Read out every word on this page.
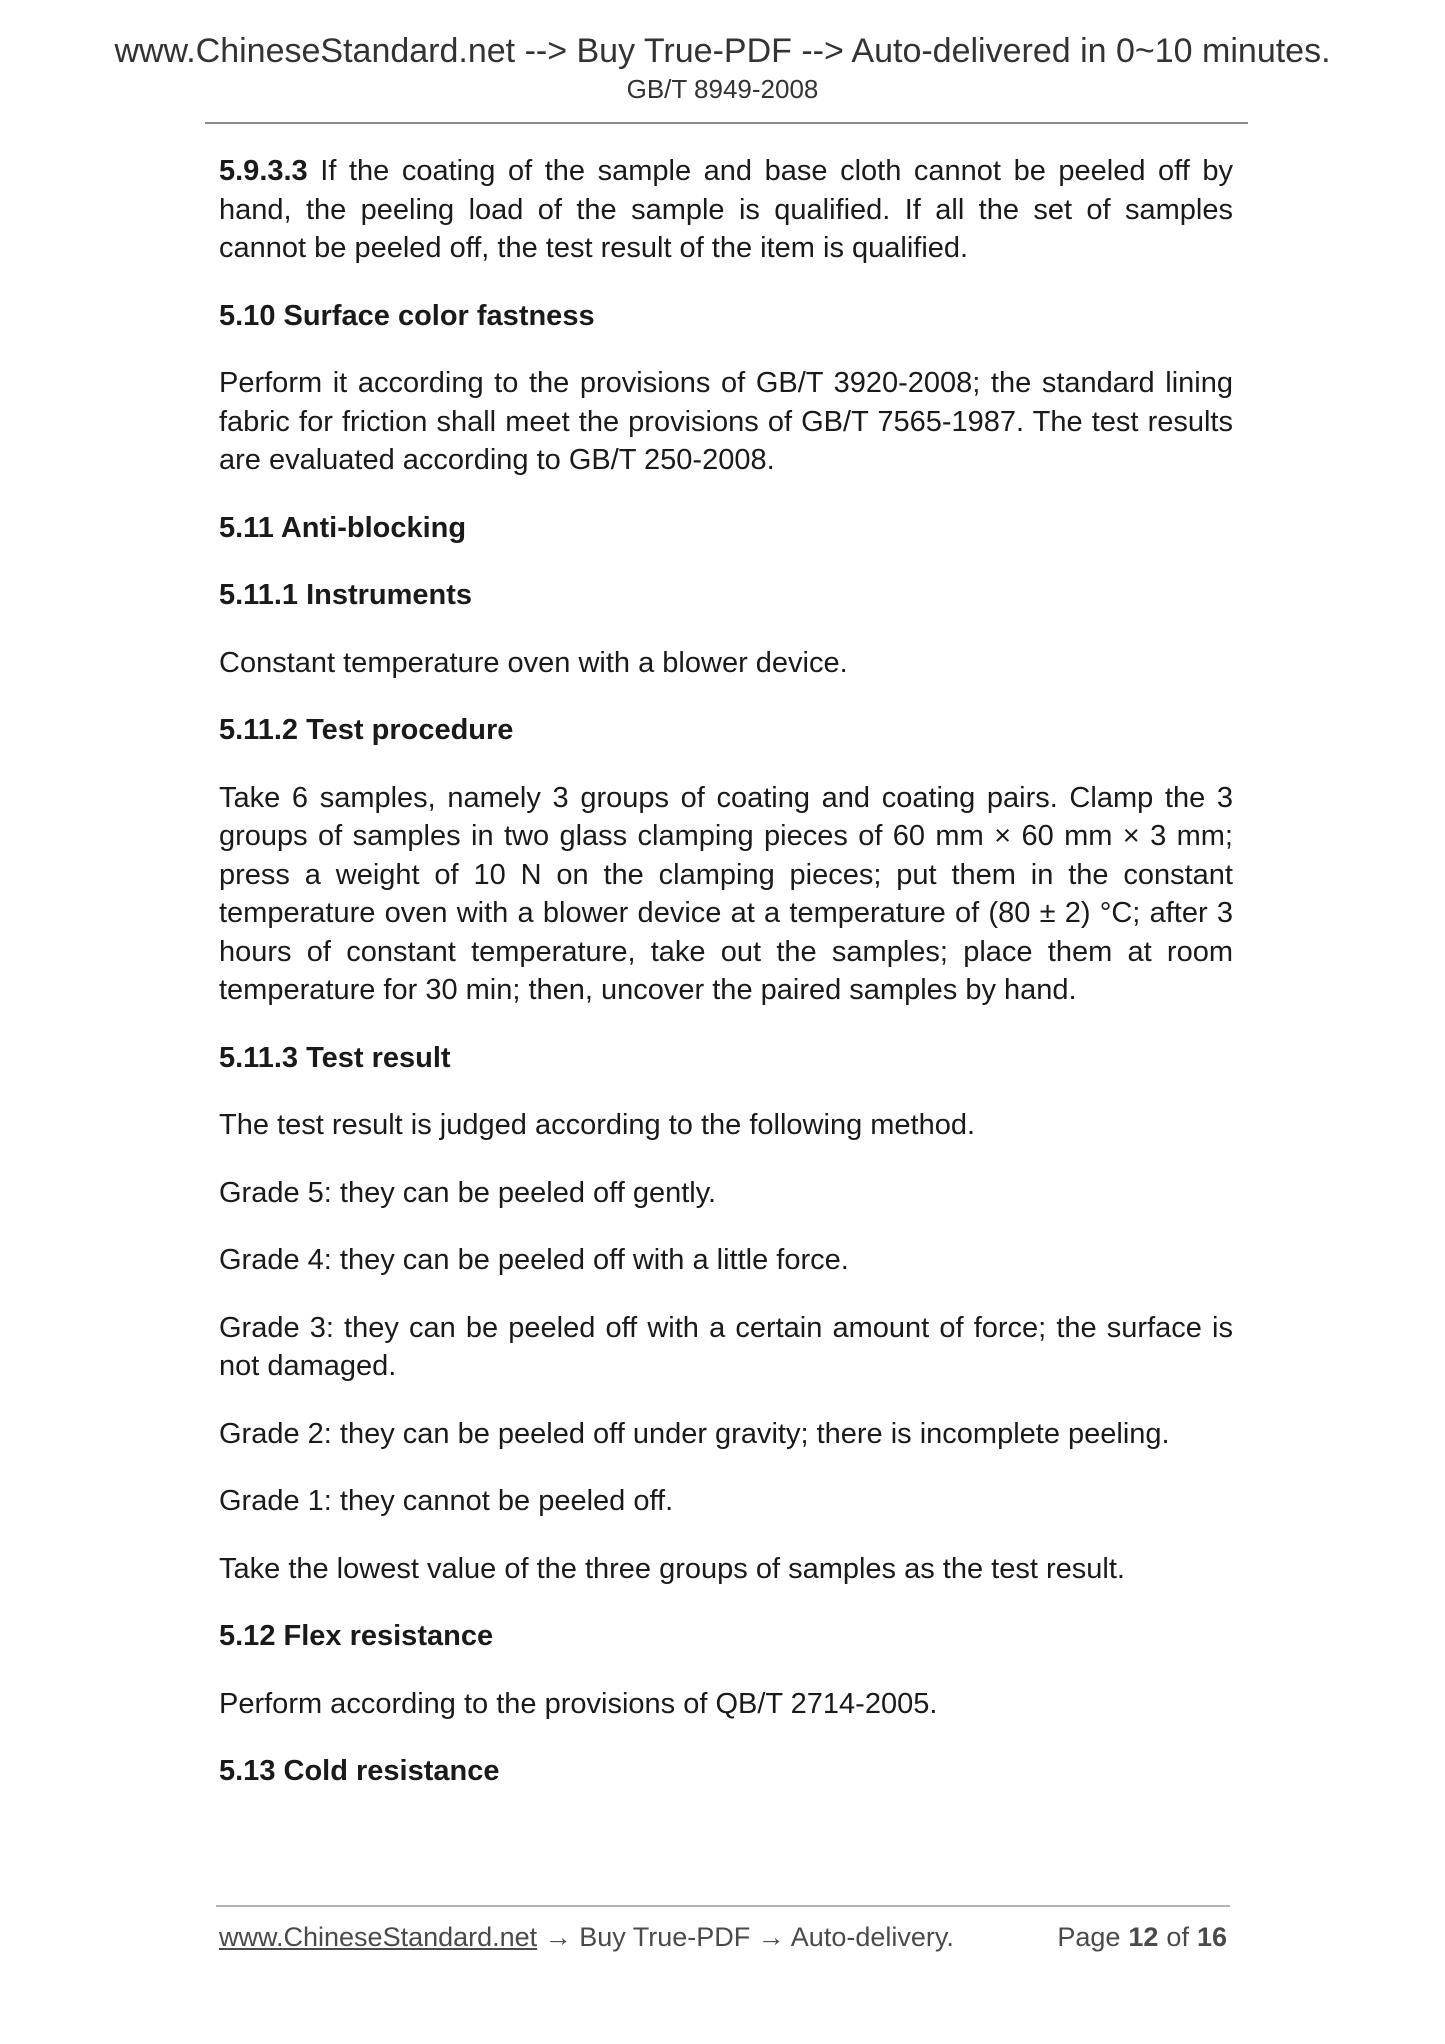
www.ChineseStandard.net --> Buy True-PDF --> Auto-delivered in 0~10 minutes.
GB/T 8949-2008

5.9.3.3 If the coating of the sample and base cloth cannot be peeled off by hand, the peeling load of the sample is qualified. If all the set of samples cannot be peeled off, the test result of the item is qualified.

5.10 Surface color fastness

Perform it according to the provisions of GB/T 3920-2008; the standard lining fabric for friction shall meet the provisions of GB/T 7565-1987. The test results are evaluated according to GB/T 250-2008.

5.11 Anti-blocking

5.11.1 Instruments

Constant temperature oven with a blower device.

5.11.2 Test procedure

Take 6 samples, namely 3 groups of coating and coating pairs. Clamp the 3 groups of samples in two glass clamping pieces of 60 mm × 60 mm × 3 mm; press a weight of 10 N on the clamping pieces; put them in the constant temperature oven with a blower device at a temperature of (80 ± 2) °C; after 3 hours of constant temperature, take out the samples; place them at room temperature for 30 min; then, uncover the paired samples by hand.

5.11.3 Test result

The test result is judged according to the following method.

Grade 5: they can be peeled off gently.

Grade 4: they can be peeled off with a little force.

Grade 3: they can be peeled off with a certain amount of force; the surface is not damaged.

Grade 2: they can be peeled off under gravity; there is incomplete peeling.

Grade 1: they cannot be peeled off.

Take the lowest value of the three groups of samples as the test result.

5.12 Flex resistance

Perform according to the provisions of QB/T 2714-2005.

5.13 Cold resistance

www.ChineseStandard.net → Buy True-PDF → Auto-delivery.	Page 12 of 16
